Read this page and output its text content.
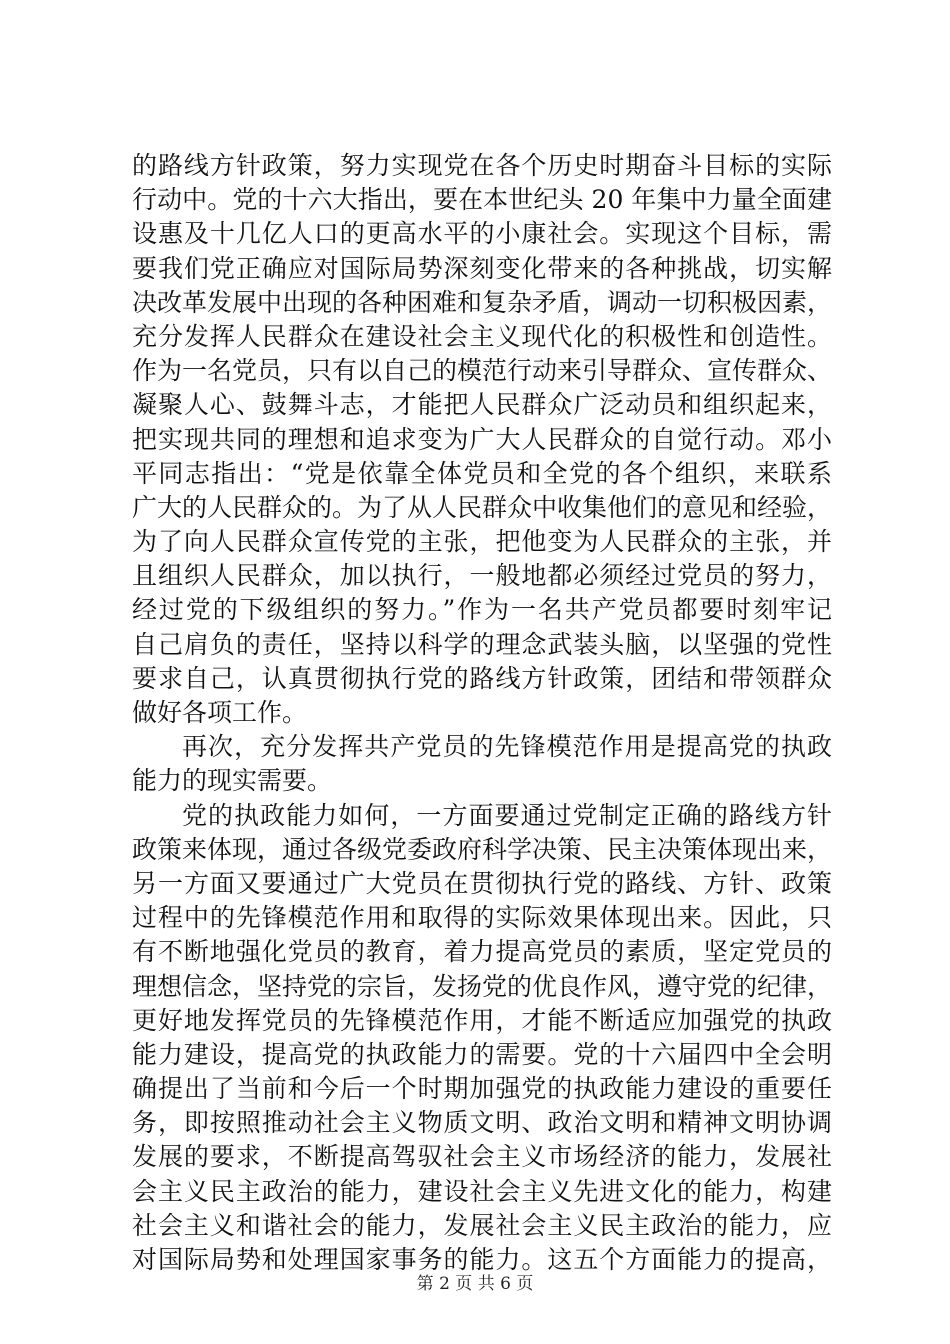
的路线方针政策，努力实现党在各个历史时期奋斗目标的实际
行动中。党的十六大指出，要在本世纪头 20 年集中力量全面建
设惠及十几亿人口的更高水平的小康社会。实现这个目标，需
要我们党正确应对国际局势深刻变化带来的各种挑战，切实解
决改革发展中出现的各种困难和复杂矛盾，调动一切积极因素，
充分发挥人民群众在建设社会主义现代化的积极性和创造性。
作为一名党员，只有以自己的模范行动来引导群众、宣传群众、
凝聚人心、鼓舞斗志，才能把人民群众广泛动员和组织起来，
把实现共同的理想和追求变为广大人民群众的自觉行动。邓小
平同志指出：“党是依靠全体党员和全党的各个组织，来联系
广大的人民群众的。为了从人民群众中收集他们的意见和经验，
为了向人民群众宣传党的主张，把他变为人民群众的主张，并
且组织人民群众，加以执行，一般地都必须经过党员的努力，
经过党的下级组织的努力。”作为一名共产党员都要时刻牢记
自己肩负的责任，坚持以科学的理念武装头脑，以坚强的党性
要求自己，认真贯彻执行党的路线方针政策，团结和带领群众
做好各项工作。
再次，充分发挥共产党员的先锋模范作用是提高党的执政
能力的现实需要。
党的执政能力如何，一方面要通过党制定正确的路线方针
政策来体现，通过各级党委政府科学决策、民主决策体现出来，
另一方面又要通过广大党员在贯彻执行党的路线、方针、政策
过程中的先锋模范作用和取得的实际效果体现出来。因此，只
有不断地强化党员的教育，着力提高党员的素质，坚定党员的
理想信念，坚持党的宗旨，发扬党的优良作风，遵守党的纪律，
更好地发挥党员的先锋模范作用，才能不断适应加强党的执政
能力建设，提高党的执政能力的需要。党的十六届四中全会明
确提出了当前和今后一个时期加强党的执政能力建设的重要任
务，即按照推动社会主义物质文明、政治文明和精神文明协调
发展的要求，不断提高驾驭社会主义市场经济的能力，发展社
会主义民主政治的能力，建设社会主义先进文化的能力，构建
社会主义和谐社会的能力，发展社会主义民主政治的能力，应
对国际局势和处理国家事务的能力。这五个方面能力的提高，
第 2 页 共 6 页
